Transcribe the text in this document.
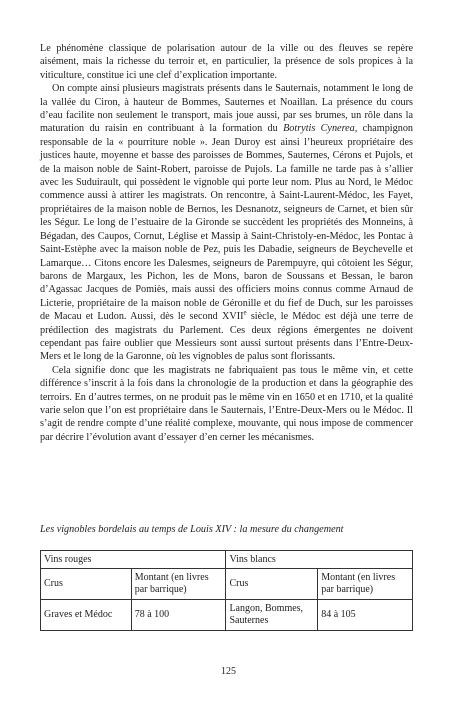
Le phénomène classique de polarisation autour de la ville ou des fleuves se repère aisément, mais la richesse du terroir et, en particulier, la présence de sols propices à la viticulture, constitue ici une clef d’explication importante.

On compte ainsi plusieurs magistrats présents dans le Sauternais, notamment le long de la vallée du Ciron, à hauteur de Bommes, Sauternes et Noaillan. La présence du cours d’eau facilite non seulement le transport, mais joue aussi, par ses brumes, un rôle dans la maturation du raisin en contribuant à la formation du Botrytis Cynerea, champignon responsable de la « pourriture noble ». Jean Duroy est ainsi l’heureux propriétaire des justices haute, moyenne et basse des paroisses de Bommes, Sauternes, Cérons et Pujols, et de la maison noble de Saint-Robert, paroisse de Pujols. La famille ne tarde pas à s’allier avec les Suduirault, qui possèdent le vignoble qui porte leur nom. Plus au Nord, le Médoc commence aussi à attirer les magistrats. On rencontre, à Saint-Laurent-Médoc, les Fayet, propriétaires de la maison noble de Bernos, les Desnanotz, seigneurs de Carnet, et bien sûr les Ségur. Le long de l’estuaire de la Gironde se succèdent les propriétés des Monneins, à Bégadan, des Caupos, Cornut, Léglise et Massip à Saint-Christoly-en-Médoc, les Pontac à Saint-Estèphe avec la maison noble de Pez, puis les Dabadie, seigneurs de Beychevelle et Lamarque… Citons encore les Dalesmes, seigneurs de Parempuyre, qui côtoient les Ségur, barons de Margaux, les Pichon, les de Mons, baron de Soussans et Bessan, le baron d’Agassac Jacques de Pomiès, mais aussi des officiers moins connus comme Arnaud de Licterie, propriétaire de la maison noble de Géronille et du fief de Duch, sur les paroisses de Macau et Ludon. Aussi, dès le second XVIIe siècle, le Médoc est déjà une terre de prédilection des magistrats du Parlement. Ces deux régions émergentes ne doivent cependant pas faire oublier que Messieurs sont aussi surtout présents dans l’Entre-Deux-Mers et le long de la Garonne, où les vignobles de palus sont florissants.

Cela signifie donc que les magistrats ne fabriquaient pas tous le même vin, et cette différence s’inscrit à la fois dans la chronologie de la production et dans la géographie des terroirs. En d’autres termes, on ne produit pas le même vin en 1650 et en 1710, et la qualité varie selon que l’on est propriétaire dans le Sauternais, l’Entre-Deux-Mers ou le Médoc. Il s’agit de rendre compte d’une réalité complexe, mouvante, qui nous impose de commencer par décrire l’évolution avant d’essayer d’en cerner les mécanismes.

Les vignobles bordelais au temps de Louis XIV : la mesure du changement
Vins rouges		Vins blancs	
Crus	Montant (en livres par barrique)	Crus	Montant (en livres par barrique)
Graves et Médoc	78 à 100	Langon, Bommes, Sauternes	84 à 105
125
